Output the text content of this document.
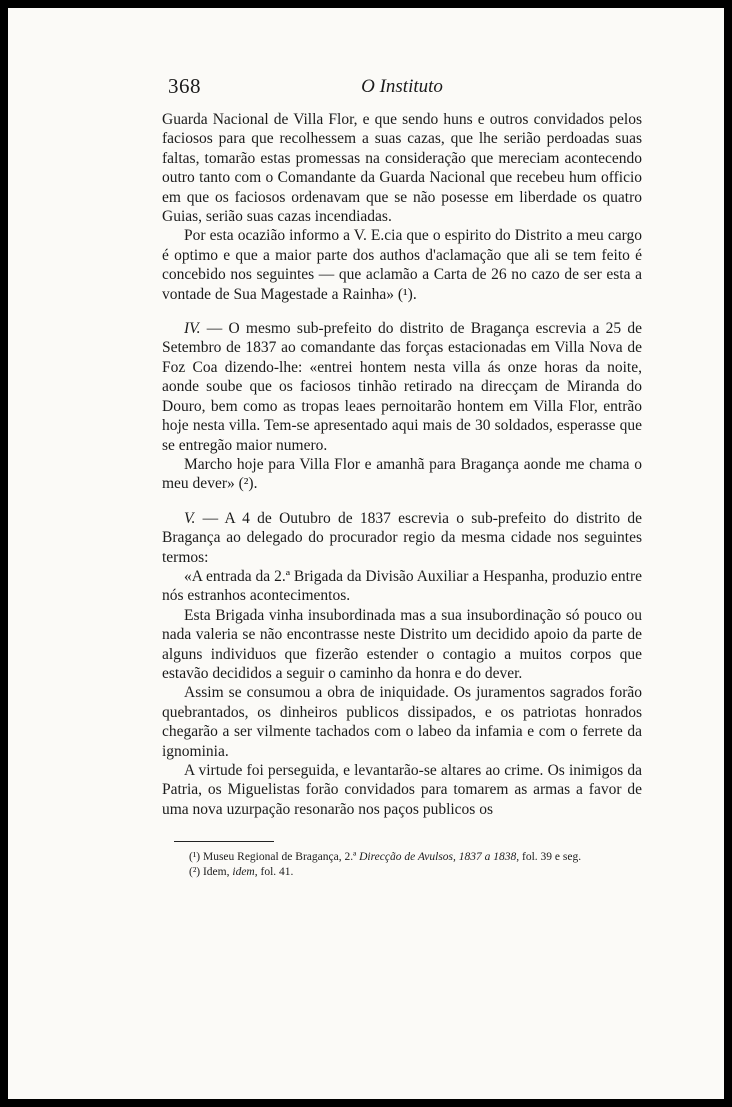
368	O Instituto

Guarda Nacional de Villa Flor, e que sendo huns e outros convidados pelos faciosos para que recolhessem a suas cazas, que lhe serião perdoadas suas faltas, tomarão estas promessas na consideração que mereciam acontecendo outro tanto com o Comandante da Guarda Nacional que recebeu hum officio em que os faciosos ordenavam que se não posesse em liberdade os quatro Guias, serião suas cazas incendiadas.

Por esta ocazião informo a V. E.cia que o espirito do Distrito a meu cargo é optimo e que a maior parte dos authos d'aclamação que ali se tem feito é concebido nos seguintes — que aclamão a Carta de 26 no cazo de ser esta a vontade de Sua Magestade a Rainha» (¹).

IV. — O mesmo sub-prefeito do distrito de Bragança escrevia a 25 de Setembro de 1837 ao comandante das forças estacionadas em Villa Nova de Foz Coa dizendo-lhe: «entrei hontem nesta villa ás onze horas da noite, aonde soube que os faciosos tinhão retirado na direcçam de Miranda do Douro, bem como as tropas leaes pernoitarão hontem em Villa Flor, entrão hoje nesta villa. Tem-se apresentado aqui mais de 30 soldados, esperasse que se entregão maior numero.

Marcho hoje para Villa Flor e amanhã para Bragança aonde me chama o meu dever» (²).

V. — A 4 de Outubro de 1837 escrevia o sub-prefeito do distrito de Bragança ao delegado do procurador regio da mesma cidade nos seguintes termos:

«A entrada da 2.ª Brigada da Divisão Auxiliar a Hespanha, produzio entre nós estranhos acontecimentos.

Esta Brigada vinha insubordinada mas a sua insubordinação só pouco ou nada valeria se não encontrasse neste Distrito um decidido apoio da parte de alguns individuos que fizerão estender o contagio a muitos corpos que estavão decididos a seguir o caminho da honra e do dever.

Assim se consumou a obra de iniquidade. Os juramentos sagrados forão quebrantados, os dinheiros publicos dissipados, e os patriotas honrados chegarão a ser vilmente tachados com o labeo da infamia e com o ferrete da ignominia.

A virtude foi perseguida, e levantarão-se altares ao crime. Os inimigos da Patria, os Miguelistas forão convidados para tomarem as armas a favor de uma nova uzurpação resonarão nos paços publicos os

(¹) Museu Regional de Bragança, 2.ª Direcção de Avulsos, 1837 a 1838, fol. 39 e seg.
(²) Idem, idem, fol. 41.
